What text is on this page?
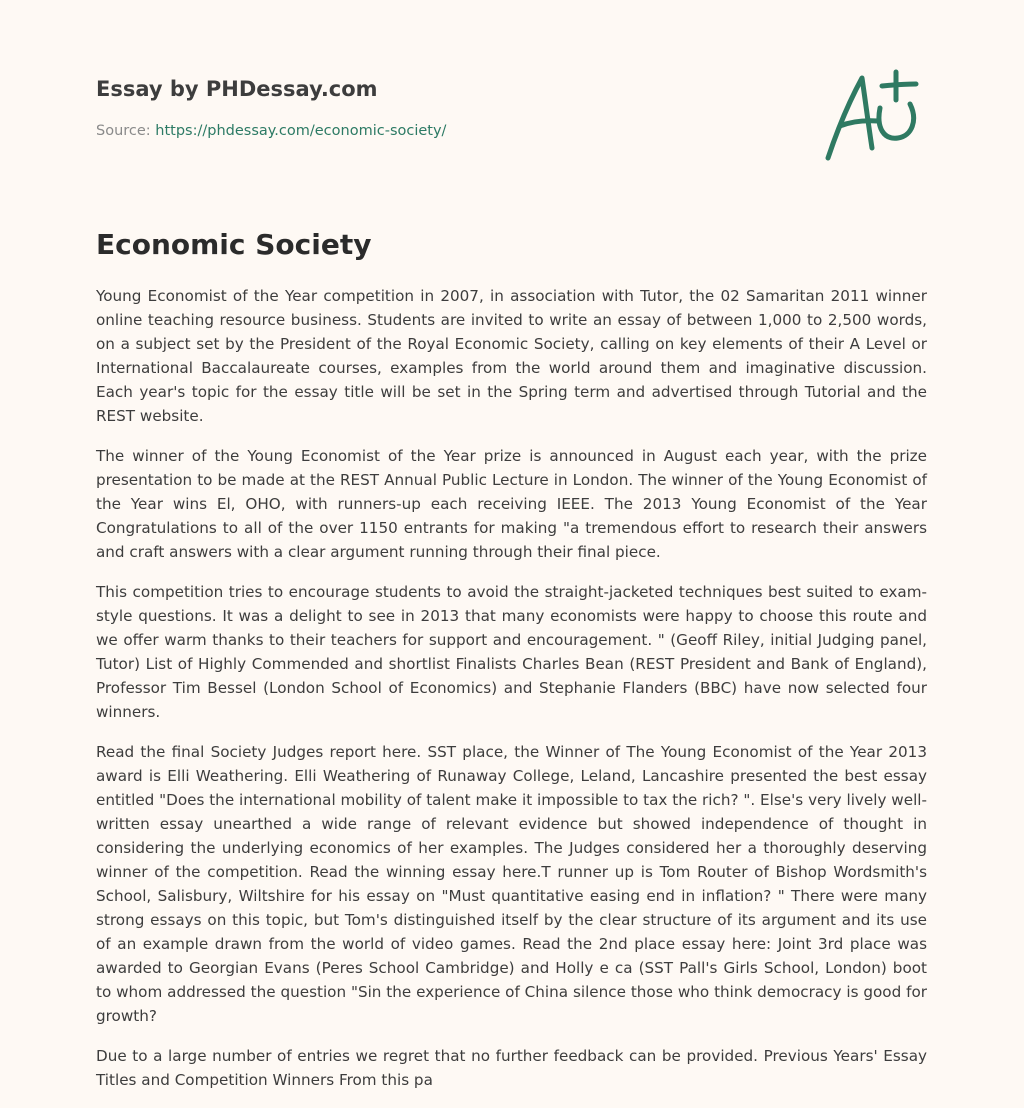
Essay by PHDessay.com
Source: https://phdessay.com/economic-society/
Economic Society

Young Economist of the Year competition in 2007, in association with Tutor, the 02 Samaritan 2011 winner online teaching resource business. Students are invited to write an essay of between 1,000 to 2,500 words, on a subject set by the President of the Royal Economic Society, calling on key elements of their A Level or International Baccalaureate courses, examples from the world around them and imaginative discussion. Each year's topic for the essay title will be set in the Spring term and advertised through Tutorial and the REST website.

The winner of the Young Economist of the Year prize is announced in August each year, with the prize presentation to be made at the REST Annual Public Lecture in London. The winner of the Young Economist of the Year wins El, OHO, with runners-up each receiving IEEE. The 2013 Young Economist of the Year Congratulations to all of the over 1150 entrants for making "a tremendous effort to research their answers and craft answers with a clear argument running through their final piece.

This competition tries to encourage students to avoid the straight-jacketed techniques best suited to exam-style questions. It was a delight to see in 2013 that many economists were happy to choose this route and we offer warm thanks to their teachers for support and encouragement. " (Geoff Riley, initial Judging panel, Tutor) List of Highly Commended and shortlist Finalists Charles Bean (REST President and Bank of England), Professor Tim Bessel (London School of Economics) and Stephanie Flanders (BBC) have now selected four winners.

Read the final Society Judges report here. SST place, the Winner of The Young Economist of the Year 2013 award is Elli Weathering. Elli Weathering of Runaway College, Leland, Lancashire presented the best essay entitled "Does the international mobility of talent make it impossible to tax the rich? ". Else's very lively well-written essay unearthed a wide range of relevant evidence but showed independence of thought in considering the underlying economics of her examples. The Judges considered her a thoroughly deserving winner of the competition. Read the winning essay here.T runner up is Tom Router of Bishop Wordsmith's School, Salisbury, Wiltshire for his essay on "Must quantitative easing end in inflation? " There were many strong essays on this topic, but Tom's distinguished itself by the clear structure of its argument and its use of an example drawn from the world of video games. Read the 2nd place essay here: Joint 3rd place was awarded to Georgian Evans (Peres School Cambridge) and Holly e ca (SST Pall's Girls School, London) boot to whom addressed the question "Sin the experience of China silence those who think democracy is good for growth?

Due to a large number of entries we regret that no further feedback can be provided. Previous Years' Essay Titles and Competition Winners From this pa
